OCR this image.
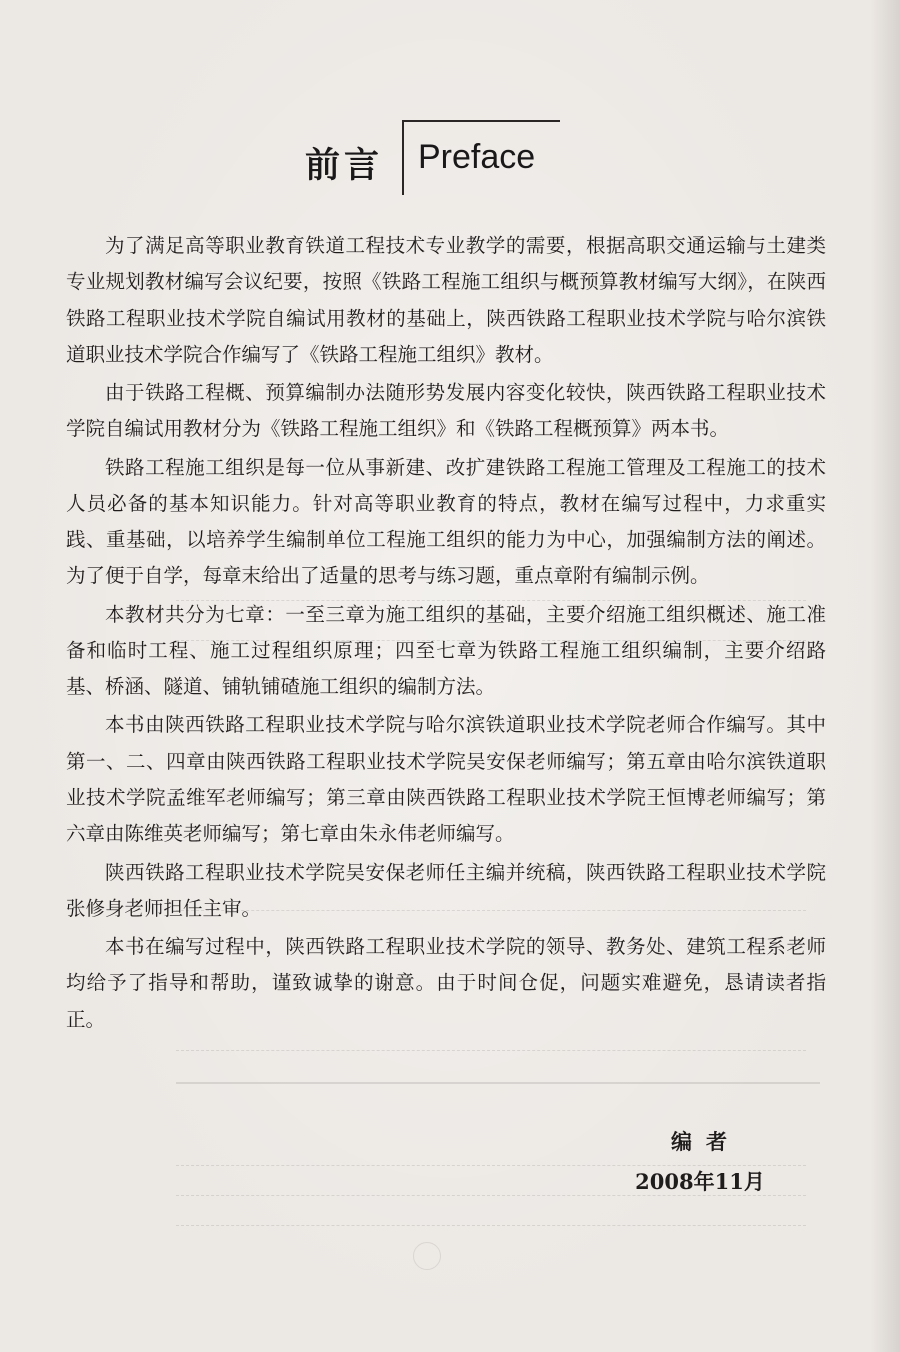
前言 Preface

为了满足高等职业教育铁道工程技术专业教学的需要，根据高职交通运输与土建类专业规划教材编写会议纪要，按照《铁路工程施工组织与概预算教材编写大纲》，在陕西铁路工程职业技术学院自编试用教材的基础上，陕西铁路工程职业技术学院与哈尔滨铁道职业技术学院合作编写了《铁路工程施工组织》教材。

由于铁路工程概、预算编制办法随形势发展内容变化较快，陕西铁路工程职业技术学院自编试用教材分为《铁路工程施工组织》和《铁路工程概预算》两本书。

铁路工程施工组织是每一位从事新建、改扩建铁路工程施工管理及工程施工的技术人员必备的基本知识能力。针对高等职业教育的特点，教材在编写过程中，力求重实践、重基础，以培养学生编制单位工程施工组织的能力为中心，加强编制方法的阐述。为了便于自学，每章末给出了适量的思考与练习题，重点章附有编制示例。

本教材共分为七章：一至三章为施工组织的基础，主要介绍施工组织概述、施工准备和临时工程、施工过程组织原理；四至七章为铁路工程施工组织编制，主要介绍路基、桥涵、隧道、铺轨铺碴施工组织的编制方法。

本书由陕西铁路工程职业技术学院与哈尔滨铁道职业技术学院老师合作编写。其中第一、二、四章由陕西铁路工程职业技术学院吴安保老师编写；第五章由哈尔滨铁道职业技术学院孟维军老师编写；第三章由陕西铁路工程职业技术学院王恒博老师编写；第六章由陈维英老师编写；第七章由朱永伟老师编写。

陕西铁路工程职业技术学院吴安保老师任主编并统稿，陕西铁路工程职业技术学院张修身老师担任主审。

本书在编写过程中，陕西铁路工程职业技术学院的领导、教务处、建筑工程系老师均给予了指导和帮助，谨致诚挚的谢意。由于时间仓促，问题实难避免，恳请读者指正。

编者
2008年11月
